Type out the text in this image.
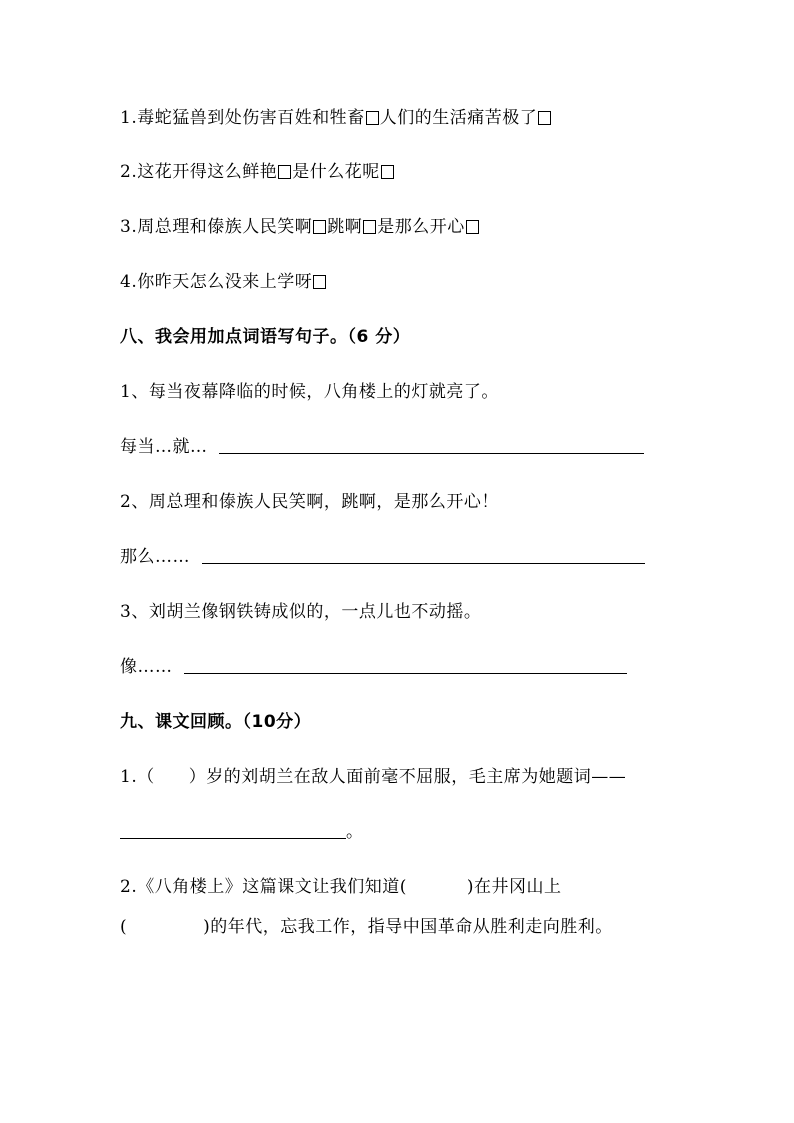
1.毒蛇猛兽到处伤害百姓和牲畜 人们的生活痛苦极了
2.这花开得这么鲜艳 是什么花呢
3.周总理和傣族人民笑啊 跳啊 是那么开心
4.你昨天怎么没来上学呀
八、我会用加点词语写句子。（6 分）
1、每当夜幕降临的时候，八角楼上的灯就亮了。
每当…就…
2、周总理和傣族人民笑啊，跳啊，是那么开心！
那么……
3、刘胡兰像钢铁铸成似的，一点儿也不动摇。
像……
九、课文回顾。（10分）
1.（ ）岁的刘胡兰在敌人面前毫不屈服，毛主席为她题词——
。
2.《八角楼上》这篇课文让我们知道(	)在井冈山上
(	)的年代，忘我工作，指导中国革命从胜利走向胜利。
